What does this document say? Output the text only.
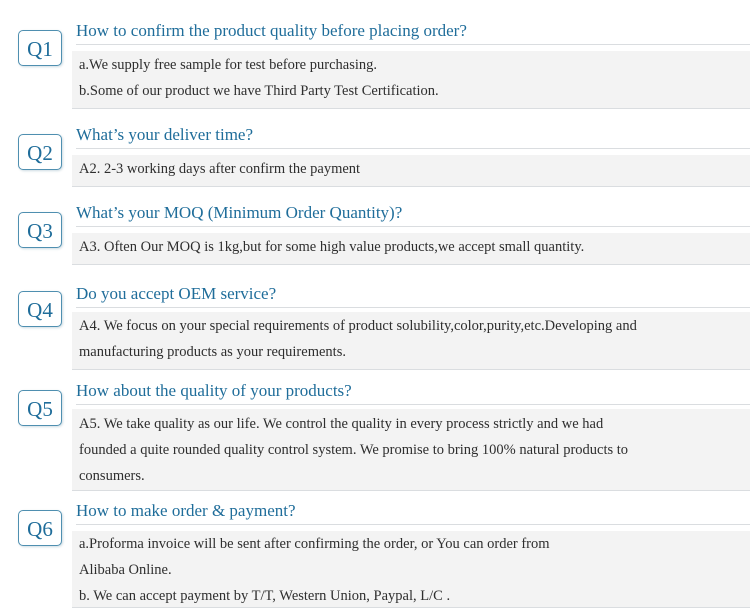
Q1
How to confirm the product quality before placing order?
a.We supply free sample for test before purchasing.
b.Some of our product we have Third Party Test Certification.
Q2
What’s your deliver time?
A2. 2-3 working days after confirm the payment
Q3
What’s your MOQ (Minimum Order Quantity)?
A3. Often Our MOQ is 1kg,but for some high value products,we accept small quantity.
Q4
Do you accept OEM service?
A4. We focus on your special requirements of product solubility,color,purity,etc.Developing and
manufacturing products as your requirements.
Q5
How about the quality of your products?
A5. We take quality as our life. We control the quality in every process strictly and we had
founded a quite rounded quality control system. We promise to bring 100% natural products to
consumers.
Q6
How to make order & payment?
a.Proforma invoice will be sent after confirming the order, or You can order from
Alibaba Online.
b. We can accept payment by T/T, Western Union, Paypal, L/C .
